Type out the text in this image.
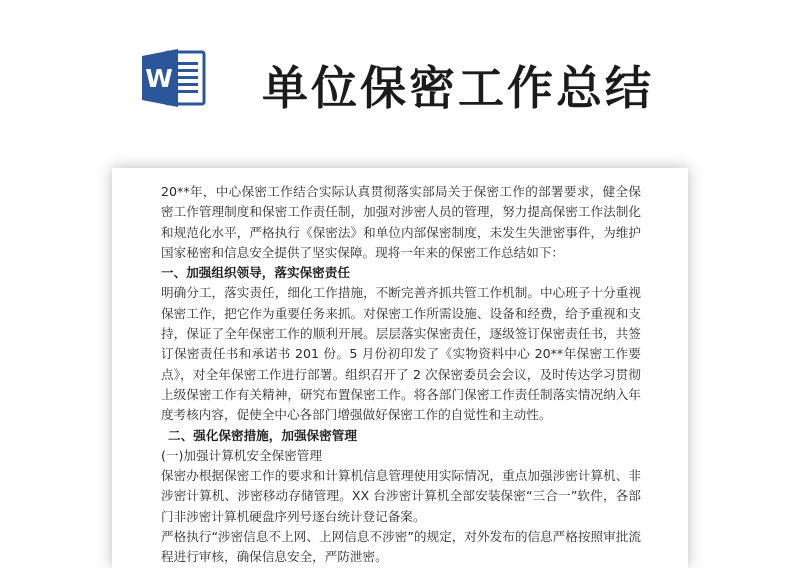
W 单位保密工作总结

20**年，中心保密工作结合实际认真贯彻落实部局关于保密工作的部署要求，健全保密工作管理制度和保密工作责任制，加强对涉密人员的管理，努力提高保密工作法制化和规范化水平，严格执行《保密法》和单位内部保密制度，未发生失泄密事件，为维护国家秘密和信息安全提供了坚实保障。现将一年来的保密工作总结如下：

一、加强组织领导，落实保密责任

明确分工，落实责任，细化工作措施，不断完善齐抓共管工作机制。中心班子十分重视保密工作，把它作为重要任务来抓。对保密工作所需设施、设备和经费，给予重视和支持，保证了全年保密工作的顺利开展。层层落实保密责任，逐级签订保密责任书，共签订保密责任书和承诺书 201 份。5 月份初印发了《实物资料中心 20**年保密工作要点》，对全年保密工作进行部署。组织召开了 2 次保密委员会会议，及时传达学习贯彻上级保密工作有关精神，研究布置保密工作。将各部门保密工作责任制落实情况纳入年度考核内容，促使全中心各部门增强做好保密工作的自觉性和主动性。

二、强化保密措施，加强保密管理

(一)加强计算机安全保密管理

保密办根据保密工作的要求和计算机信息管理使用实际情况，重点加强涉密计算机、非涉密计算机、涉密移动存储管理。XX 台涉密计算机全部安装保密“三合一”软件，各部门非涉密计算机硬盘序列号逐台统计登记备案。

严格执行“涉密信息不上网、上网信息不涉密”的规定，对外发布的信息严格按照审批流程进行审核，确保信息安全，严防泄密。
